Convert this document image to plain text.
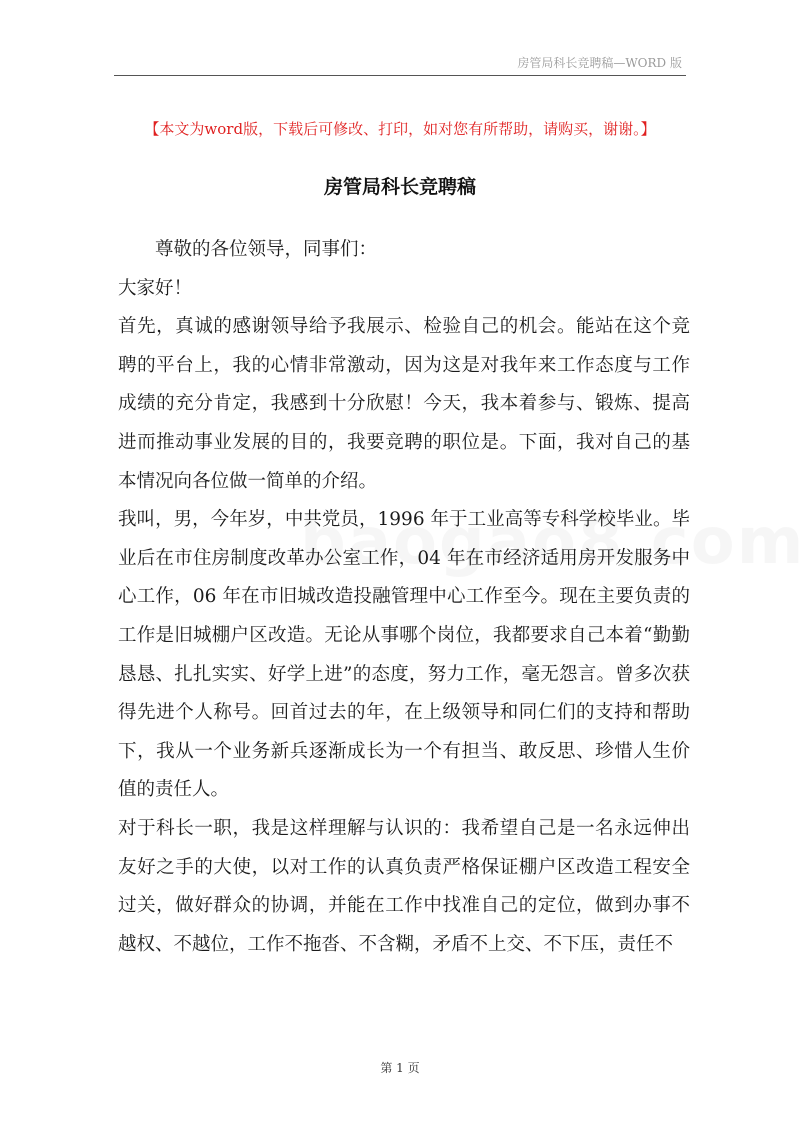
房管局科长竞聘稿—WORD 版
【本文为word版，下载后可修改、打印，如对您有所帮助，请购买，谢谢。】
房管局科长竞聘稿

尊敬的各位领导，同事们：

大家好！

首先，真诚的感谢领导给予我展示、检验自己的机会。能站在这个竞聘的平台上，我的心情非常激动，因为这是对我年来工作态度与工作成绩的充分肯定，我感到十分欣慰！今天，我本着参与、锻炼、提高进而推动事业发展的目的，我要竞聘的职位是。下面，我对自己的基本情况向各位做一简单的介绍。

我叫，男，今年岁，中共党员，1996 年于工业高等专科学校毕业。毕业后在市住房制度改革办公室工作，04 年在市经济适用房开发服务中心工作，06 年在市旧城改造投融管理中心工作至今。现在主要负责的工作是旧城棚户区改造。无论从事哪个岗位，我都要求自己本着“勤勤恳恳、扎扎实实、好学上进”的态度，努力工作，毫无怨言。曾多次获得先进个人称号。回首过去的年，在上级领导和同仁们的支持和帮助下，我从一个业务新兵逐渐成长为一个有担当、敢反思、珍惜人生价值的责任人。

对于科长一职，我是这样理解与认识的：我希望自己是一名永远伸出友好之手的大使，以对工作的认真负责严格保证棚户区改造工程安全过关，做好群众的协调，并能在工作中找准自己的定位，做到办事不越权、不越位，工作不拖沓、不含糊，矛盾不上交、不下压，责任不

第 1 页
